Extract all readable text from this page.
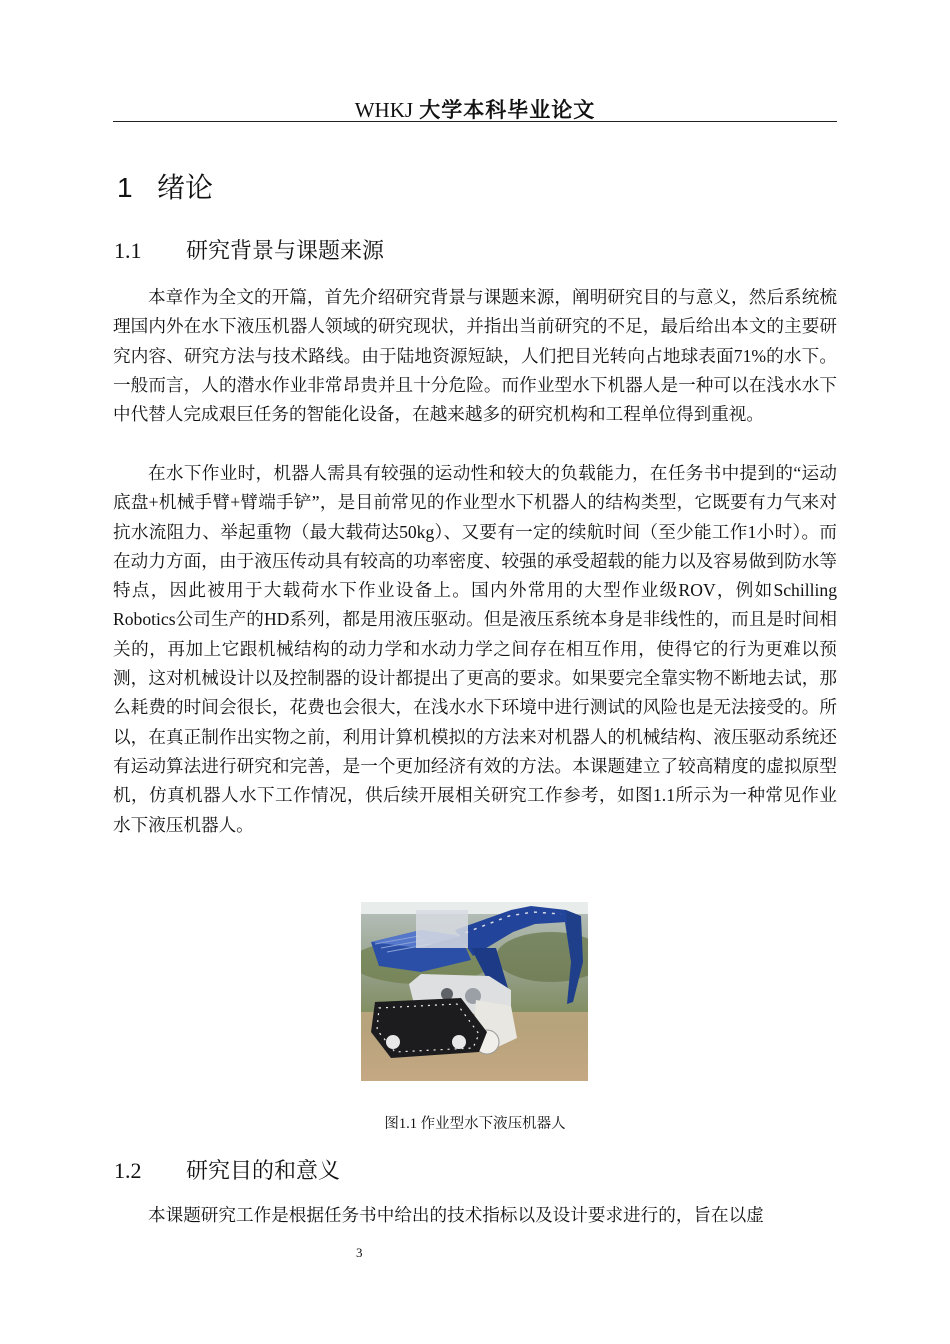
WHKJ 大学本科毕业论文
1 绪论
1.1 研究背景与课题来源

本章作为全文的开篇，首先介绍研究背景与课题来源，阐明研究目的与意义，然后系统梳理国内外在水下液压机器人领域的研究现状，并指出当前研究的不足，最后给出本文的主要研究内容、研究方法与技术路线。由于陆地资源短缺，人们把目光转向占地球表面71%的水下。一般而言，人的潜水作业非常昂贵并且十分危险。而作业型水下机器人是一种可以在浅水水下中代替人完成艰巨任务的智能化设备，在越来越多的研究机构和工程单位得到重视。

在水下作业时，机器人需具有较强的运动性和较大的负载能力，在任务书中提到的“运动底盘+机械手臂+臂端手铲”，是目前常见的作业型水下机器人的结构类型，它既要有力气来对抗水流阻力、举起重物（最大载荷达50kg）、又要有一定的续航时间（至少能工作1小时）。而在动力方面，由于液压传动具有较高的功率密度、较强的承受超载的能力以及容易做到防水等特点，因此被用于大载荷水下作业设备上。国内外常用的大型作业级ROV，例如Schilling Robotics公司生产的HD系列，都是用液压驱动。但是液压系统本身是非线性的，而且是时间相关的，再加上它跟机械结构的动力学和水动力学之间存在相互作用，使得它的行为更难以预测，这对机械设计以及控制器的设计都提出了更高的要求。如果要完全靠实物不断地去试，那么耗费的时间会很长，花费也会很大，在浅水水下环境中进行测试的风险也是无法接受的。所以，在真正制作出实物之前，利用计算机模拟的方法来对机器人的机械结构、液压驱动系统还有运动算法进行研究和完善，是一个更加经济有效的方法。本课题建立了较高精度的虚拟原型机，仿真机器人水下工作情况，供后续开展相关研究工作参考，如图1.1所示为一种常见作业水下液压机器人。

图1.1 作业型水下液压机器人
1.2 研究目的和意义

本课题研究工作是根据任务书中给出的技术指标以及设计要求进行的，旨在以虚

3
